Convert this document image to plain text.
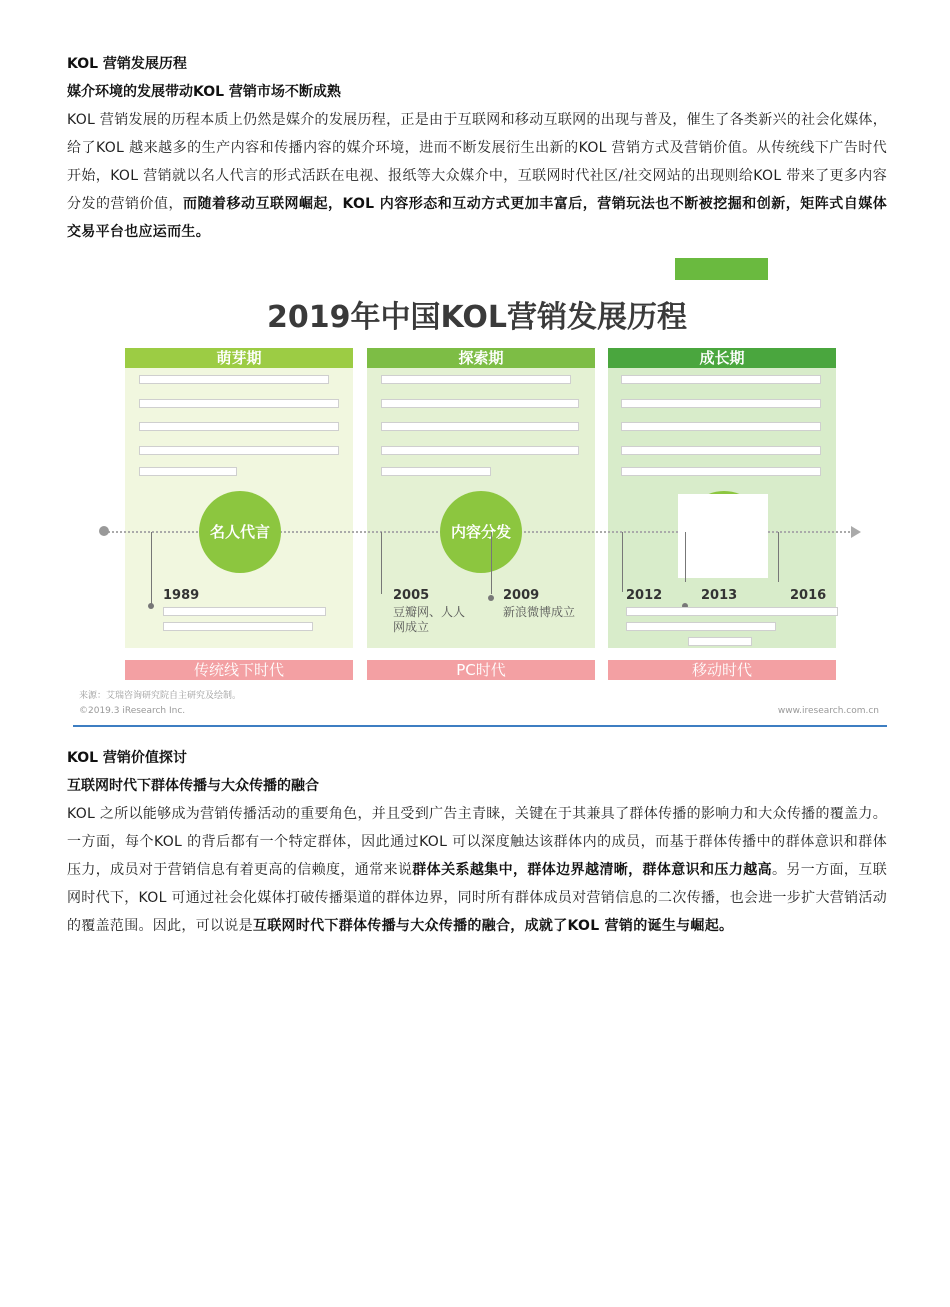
KOL 营销发展历程

媒介环境的发展带动KOL 营销市场不断成熟

KOL 营销发展的历程本质上仍然是媒介的发展历程，正是由于互联网和移动互联网的出现与普及，催生了各类新兴的社会化媒体，给了KOL 越来越多的生产内容和传播内容的媒介环境，进而不断发展衍生出新的KOL 营销方式及营销价值。从传统线下广告时代开始，KOL 营销就以名人代言的形式活跃在电视、报纸等大众媒介中，互联网时代社区/社交网站的出现则给KOL 带来了更多内容分发的营销价值，而随着移动互联网崛起，KOL 内容形态和互动方式更加丰富后，营销玩法也不断被挖掘和创新，矩阵式自媒体交易平台也应运而生。

2019年中国KOL营销发展历程
萌芽期	探索期	成长期
名人代言	内容分发
1989	2005
豆瓣网、人人网成立
2009
新浪微博成立
2012	2013	2016
传统线下时代	PC时代	移动时代
来源：艾瑞咨询研究院自主研究及绘制。
©2019.3 iResearch Inc.	www.iresearch.com.cn

KOL 营销价值探讨

互联网时代下群体传播与大众传播的融合

KOL 之所以能够成为营销传播活动的重要角色，并且受到广告主青睐，关键在于其兼具了群体传播的影响力和大众传播的覆盖力。一方面，每个KOL 的背后都有一个特定群体，因此通过KOL 可以深度触达该群体内的成员，而基于群体传播中的群体意识和群体压力，成员对于营销信息有着更高的信赖度，通常来说群体关系越集中，群体边界越清晰，群体意识和压力越高。另一方面，互联网时代下，KOL 可通过社会化媒体打破传播渠道的群体边界，同时所有群体成员对营销信息的二次传播，也会进一步扩大营销活动的覆盖范围。因此，可以说是互联网时代下群体传播与大众传播的融合，成就了KOL 营销的诞生与崛起。
